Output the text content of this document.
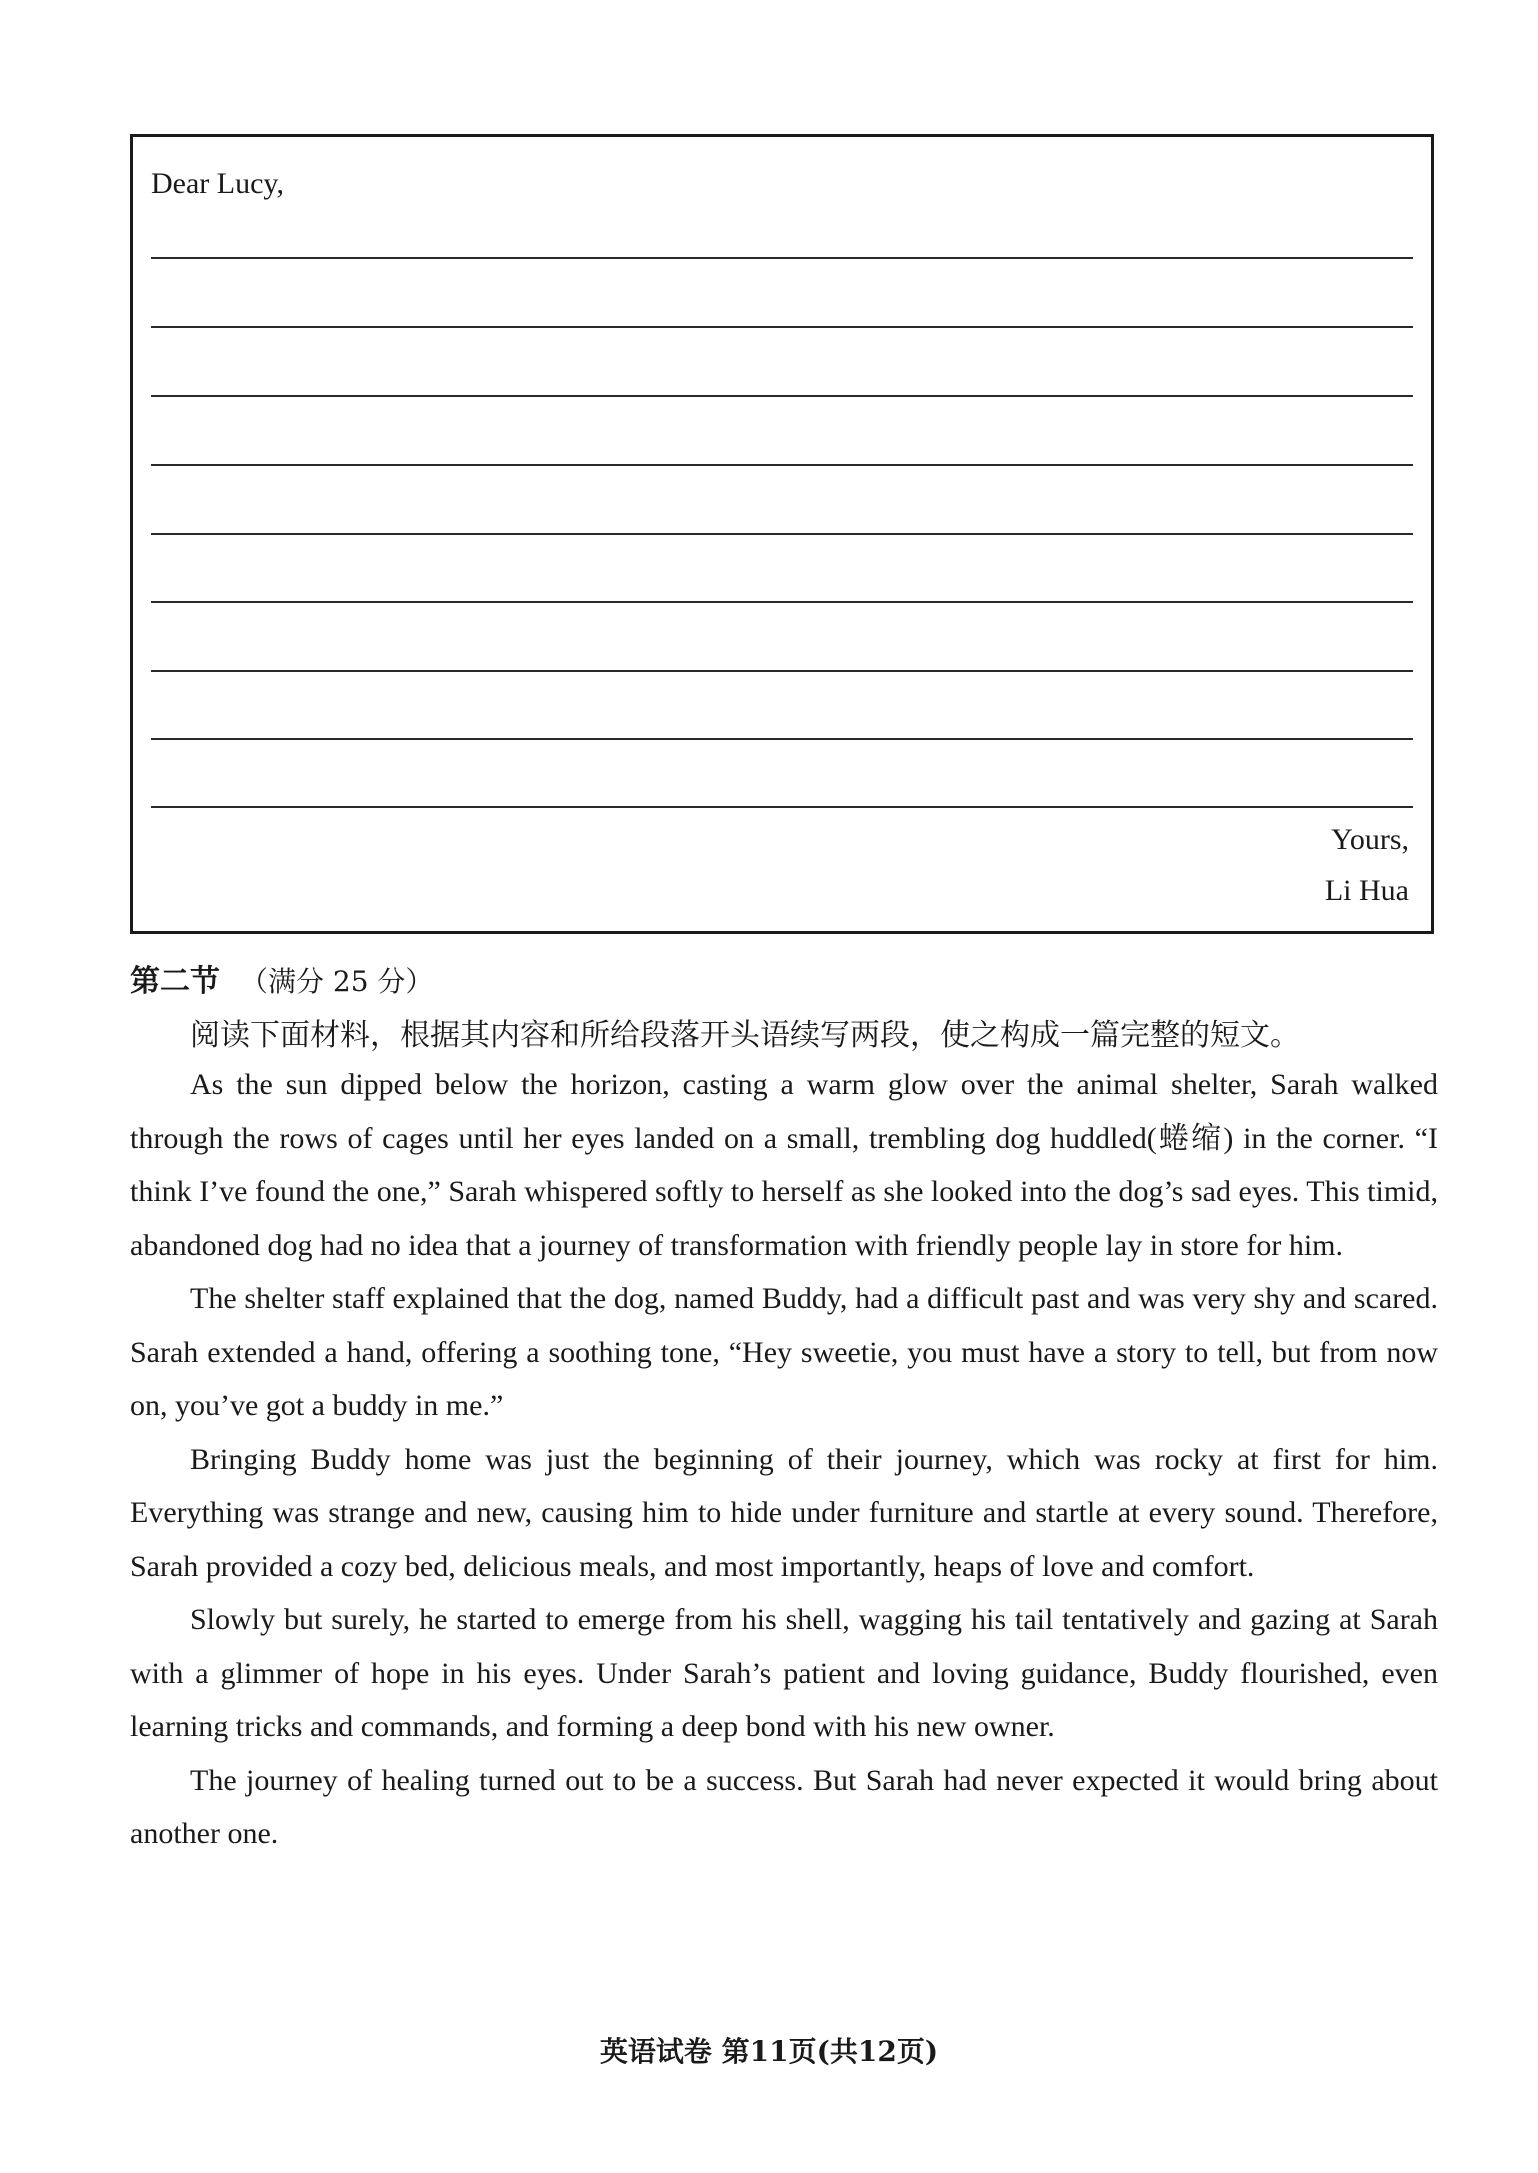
Dear Lucy,
Yours,
Li Hua
第二节 （满分 25 分）
阅读下面材料，根据其内容和所给段落开头语续写两段，使之构成一篇完整的短文。

As the sun dipped below the horizon, casting a warm glow over the animal shelter, Sarah walked through the rows of cages until her eyes landed on a small, trembling dog huddled(蜷缩) in the corner. “I think I’ve found the one,” Sarah whispered softly to herself as she looked into the dog’s sad eyes. This timid, abandoned dog had no idea that a journey of transformation with friendly people lay in store for him.

The shelter staff explained that the dog, named Buddy, had a difficult past and was very shy and scared. Sarah extended a hand, offering a soothing tone, “Hey sweetie, you must have a story to tell, but from now on, you’ve got a buddy in me.”

Bringing Buddy home was just the beginning of their journey, which was rocky at first for him. Everything was strange and new, causing him to hide under furniture and startle at every sound. Therefore, Sarah provided a cozy bed, delicious meals, and most importantly, heaps of love and comfort.

Slowly but surely, he started to emerge from his shell, wagging his tail tentatively and gazing at Sarah with a glimmer of hope in his eyes. Under Sarah’s patient and loving guidance, Buddy flourished, even learning tricks and commands, and forming a deep bond with his new owner.

The journey of healing turned out to be a success. But Sarah had never expected it would bring about another one.

英语试卷 第11页(共12页)
